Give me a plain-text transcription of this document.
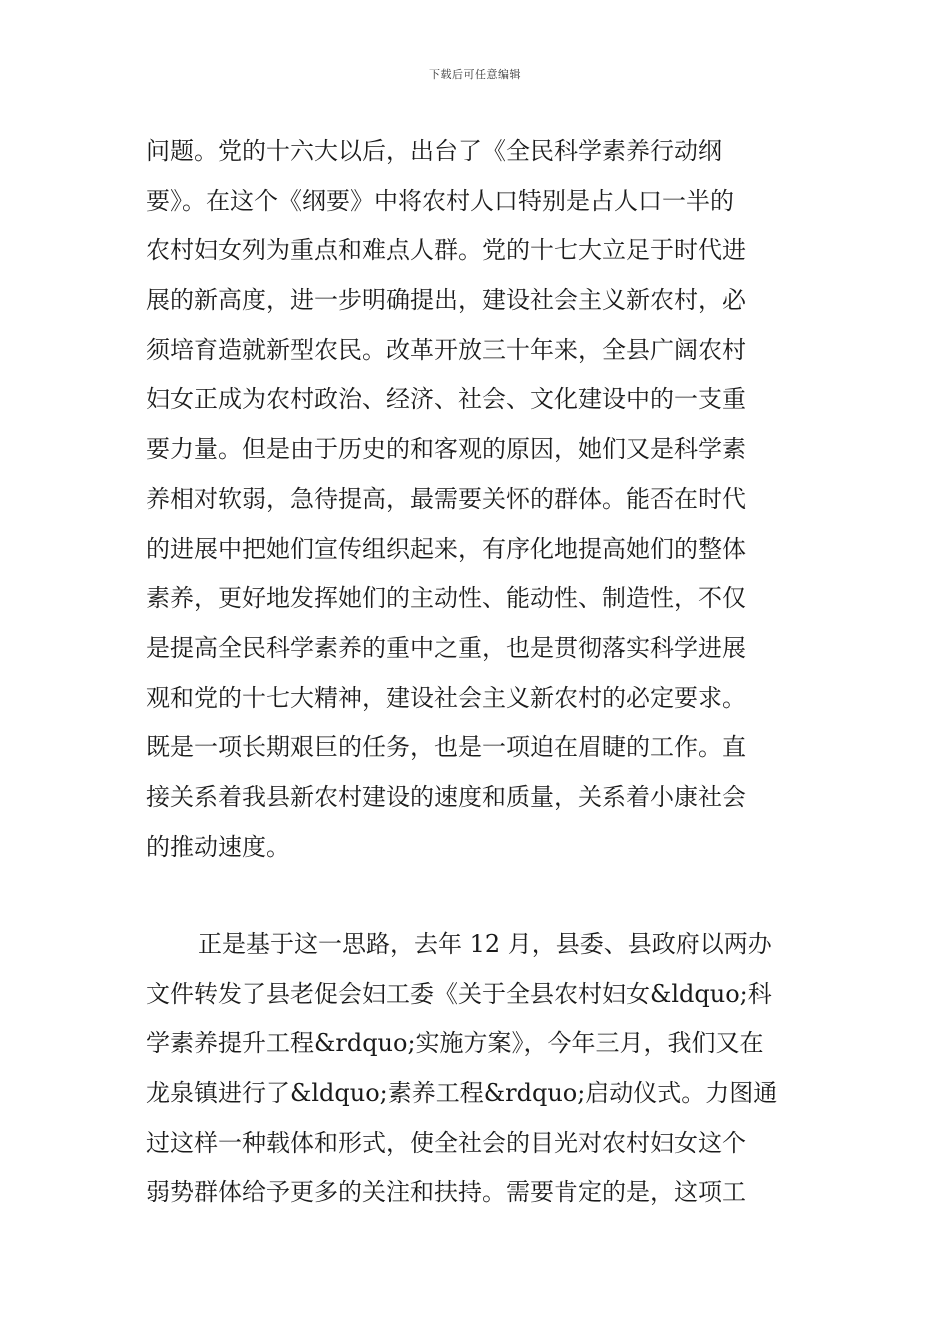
下载后可任意编辑
问题。党的十六大以后，出台了《全民科学素养行动纲
要》。在这个《纲要》中将农村人口特别是占人口一半的
农村妇女列为重点和难点人群。党的十七大立足于时代进
展的新高度，进一步明确提出，建设社会主义新农村，必
须培育造就新型农民。改革开放三十年来，全县广阔农村
妇女正成为农村政治、经济、社会、文化建设中的一支重
要力量。但是由于历史的和客观的原因，她们又是科学素
养相对软弱，急待提高，最需要关怀的群体。能否在时代
的进展中把她们宣传组织起来，有序化地提高她们的整体
素养，更好地发挥她们的主动性、能动性、制造性，不仅
是提高全民科学素养的重中之重，也是贯彻落实科学进展
观和党的十七大精神，建设社会主义新农村的必定要求。
既是一项长期艰巨的任务，也是一项迫在眉睫的工作。直
接关系着我县新农村建设的速度和质量，关系着小康社会
的推动速度。
正是基于这一思路，去年 12 月，县委、县政府以两办
文件转发了县老促会妇工委《关于全县农村妇女&ldquo;科
学素养提升工程&rdquo;实施方案》，今年三月，我们又在
龙泉镇进行了&ldquo;素养工程&rdquo;启动仪式。力图通
过这样一种载体和形式，使全社会的目光对农村妇女这个
弱势群体给予更多的关注和扶持。需要肯定的是，这项工
